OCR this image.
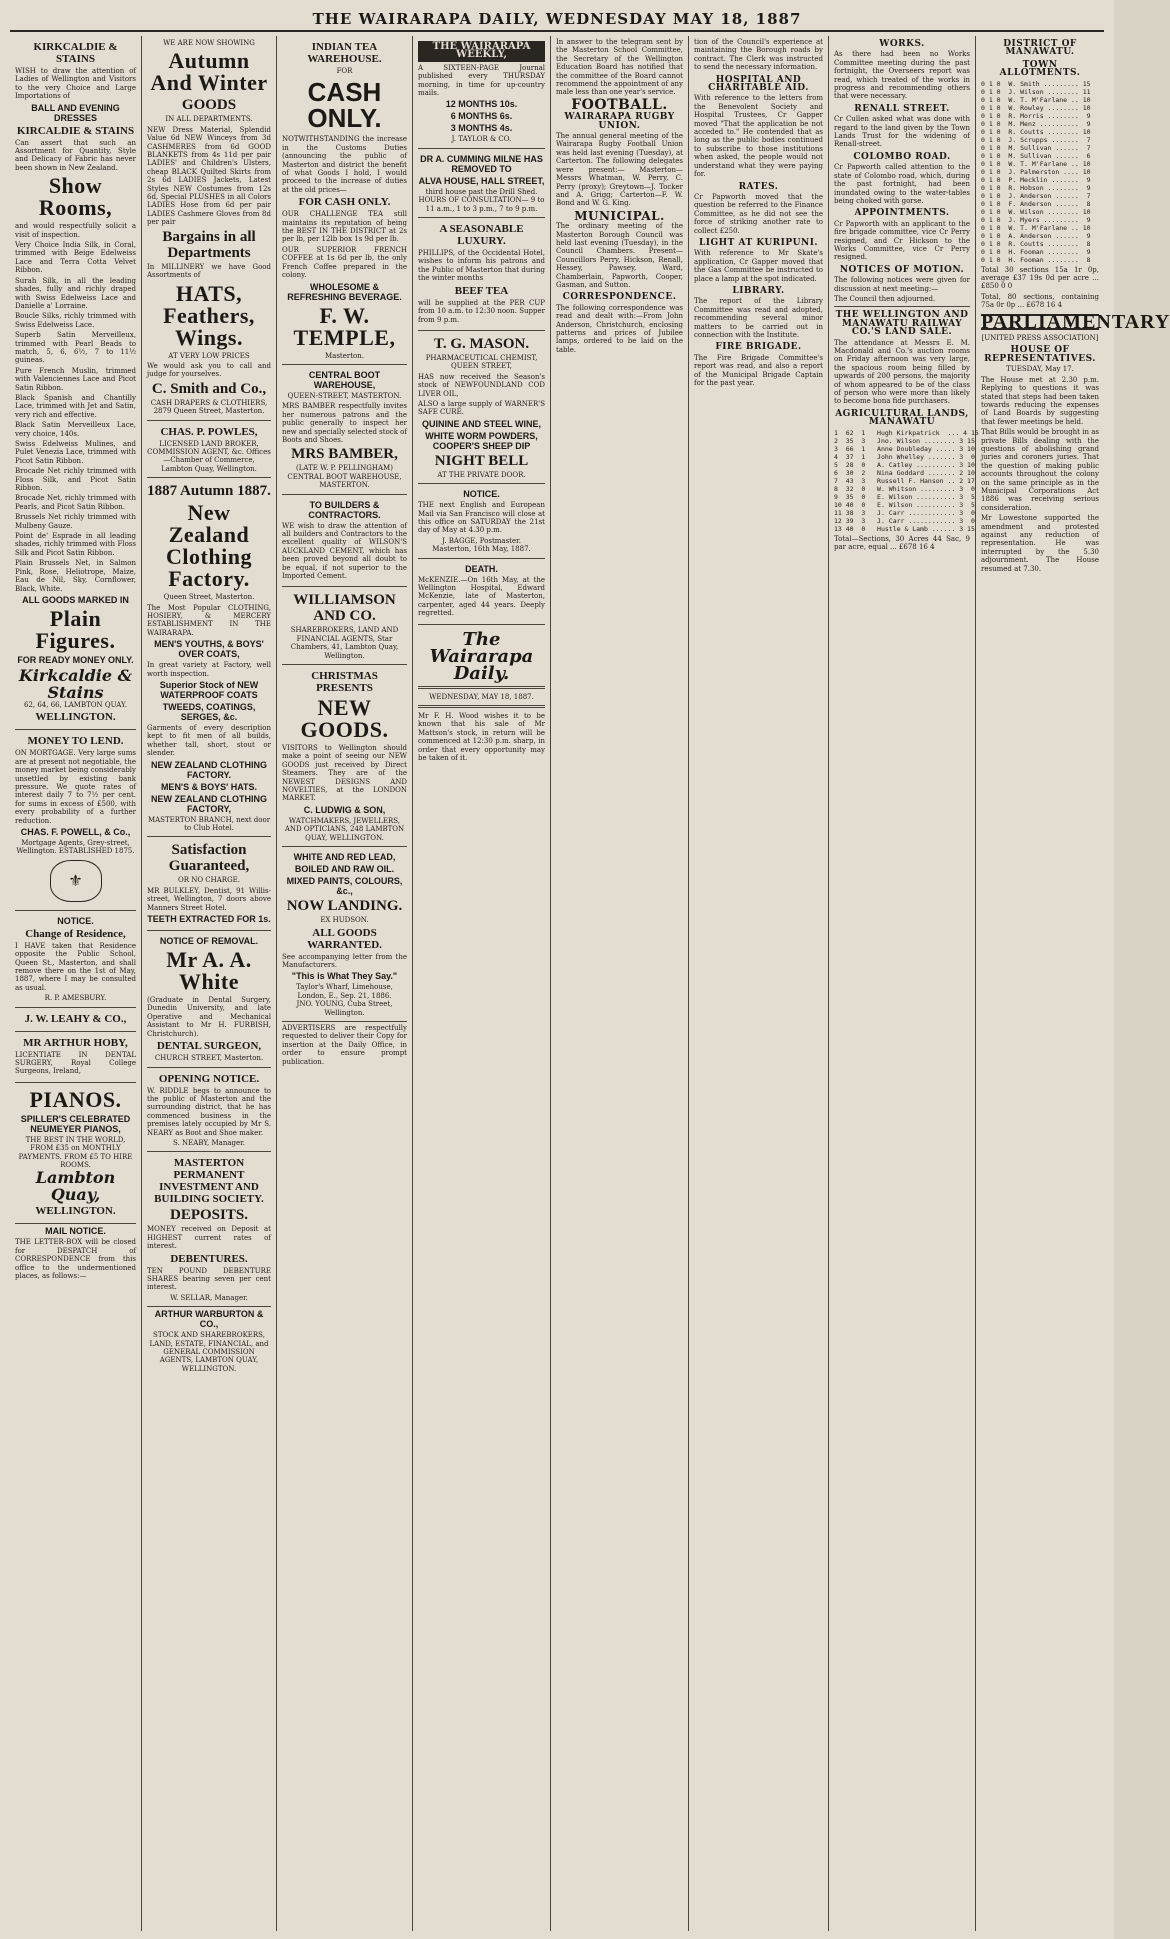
THE WAIRARAPA DAILY, WEDNESDAY MAY 18, 1887

KIRKCALDIE & STAINS
WISH to draw the attention of Ladies of Wellington and Visitors to the very Choice and Large Importations of
BALL AND EVENING DRESSES
KIRCALDIE & STAINS
Can assert that such an Assortment for Quantity, Style and Delicacy of Fabric has never been shown in New Zealand.
Show Rooms,
and would respectfully solicit a visit of inspection.
Very Choice India Silk, in Coral, trimmed with Beige Edelweiss Lace and Terra Cotta Velvet Ribbon.
Surah Silk, in all the leading shades, fully and richly draped with Swiss Edelweiss Lace and Danielle a' Lorraine.
Boucle Silks, richly trimmed with Swiss Edelweiss Lace.
Superb Satin Merveilleux, trimmed with Pearl Beads to match, 5, 6, 6½, 7 to 11½ guineas.
Pure French Muslin, trimmed with Valenciennes Lace and Picot Satin Ribbon.
Black Spanish and Chantilly Lace, trimmed with Jet and Satin, very rich and effective.
Black Satin Merveilleux Lace, very choice, 140s.
Swiss Edelweiss Mulines, and Pulet Venezia Lace, trimmed with Picot Satin Ribbon.
Brocade Net richly trimmed with Floss Silk, and Picot Satin Ribbon.
Brocade Net, richly trimmed with Pearls, and Picot Satin Ribbon.
Brussels Net richly trimmed with Mulbeny Gauze.
Point de' Esprade in all leading shades, richly trimmed with Floss Silk and Picot Satin Ribbon.
Plain Brussels Net, in Salmon Pink, Rose, Heliotrope, Maize, Eau de Nil, Sky, Cornflower, Black, White.
ALL GOODS MARKED IN
Plain Figures.
FOR READY MONEY ONLY.
Kirkcaldie & Stains
62, 64, 66, LAMBTON QUAY.
WELLINGTON.
MONEY TO LEND.
ON MORTGAGE. Very large sums are at present not negotiable, the money market being considerably unsettled by existing bank pressure. We quote rates of interest daily 7 to 7½ per cent. for sums in excess of £500, with every probability of a further reduction.
CHAS. F. POWELL, & Co.,
Mortgage Agents, Grey-street, Wellington. ESTABLISHED 1875.
⚜
NOTICE.
Change of Residence,
I HAVE taken that Residence opposite the Public School, Queen St., Masterton, and shall remove there on the 1st of May, 1887, where I may be consulted as usual.
R. P. AMESBURY.
J. W. LEAHY & CO.,
MR ARTHUR HOBY,
LICENTIATE IN DENTAL SURGERY, Royal College Surgeons, Ireland,
PIANOS.
SPILLER'S CELEBRATED NEUMEYER PIANOS,
THE BEST IN THE WORLD,
FROM £35 on MONTHLY PAYMENTS. FROM £5 TO HIRE ROOMS.
Lambton Quay,
WELLINGTON.
MAIL NOTICE.
THE LETTER-BOX will be closed for DESPATCH of CORRESPONDENCE from this office to the undermentioned places, as follows:—
WE ARE NOW SHOWING
Autumn And Winter
GOODS
IN ALL DEPARTMENTS.
NEW Dress Material, Splendid Value 6d NEW Winceys from 3d CASHMERES from 6d GOOD BLANKETS from 4s 11d per pair LADIES' and Children's Ulsters, cheap BLACK Quilted Skirts from 2s 6d LADIES Jackets, Latest Styles NEW Costumes from 12s 6d, Special PLUSHES in all Colors LADIES Hose from 6d per pair LADIES Cashmere Gloves from 8d per pair
Bargains in all Departments
In MILLINERY we have Good Assortments of
HATS, Feathers, Wings.
AT VERY LOW PRICES
We would ask you to call and judge for yourselves.
C. Smith and Co.,
CASH DRAPERS & CLOTHIERS, 2879 Queen Street, Masterton.
CHAS. P. POWLES,
LICENSED LAND BROKER, COMMISSION AGENT, &c. Offices—Chamber of Commerce, Lambton Quay, Wellington.
1887 Autumn 1887.
New Zealand Clothing Factory.
Queen Street, Masterton.
The Most Popular CLOTHING, HOSIERY, & MERCERY ESTABLISHMENT IN THE WAIRARAPA.
MEN'S YOUTHS, & BOYS' OVER COATS,
In great variety at Factory, well worth inspection.
Superior Stock of NEW WATERPROOF COATS
TWEEDS, COATINGS, SERGES, &c.
Garments of every description kept to fit men of all builds, whether tall, short, stout or slender.
NEW ZEALAND CLOTHING FACTORY.
MEN'S & BOYS' HATS.
NEW ZEALAND CLOTHING FACTORY,
MASTERTON BRANCH, next door to Club Hotel.
Satisfaction Guaranteed,
OR NO CHARGE.
MR BULKLEY, Dentist, 91 Willis-street, Wellington, 7 doors above Manners Street Hotel.
TEETH EXTRACTED FOR 1s.
NOTICE OF REMOVAL.
Mr A. A. White
(Graduate in Dental Surgery, Dunedin University, and late Operative and Mechanical Assistant to Mr H. FURBISH, Christchurch).
DENTAL SURGEON,
CHURCH STREET, Masterton.
OPENING NOTICE.
W. RIDDLE begs to announce to the public of Masterton and the surrounding district, that he has commenced business in the premises lately occupied by Mr S. NEARY as Boot and Shoe maker.
S. NEABY, Manager.
MASTERTON PERMANENT INVESTMENT AND BUILDING SOCIETY.
DEPOSITS.
MONEY received on Deposit at HIGHEST current rates of interest.
DEBENTURES.
TEN POUND DEBENTURE SHARES bearing seven per cent interest.
W. SELLAR, Manager.
ARTHUR WARBURTON & CO.,
STOCK AND SHAREBROKERS, LAND, ESTATE, FINANCIAL, and GENERAL COMMISSION AGENTS, LAMBTON QUAY, WELLINGTON.
INDIAN TEA WAREHOUSE.
FOR
CASH ONLY.
NOTWITHSTANDING the increase in the Customs Duties (announcing the public of Masterton and district the benefit of what Goods I hold, I would proceed to the increase of duties at the old prices—
FOR CASH ONLY.
OUR CHALLENGE TEA still maintains its reputation of being the BEST IN THE DISTRICT at 2s per lb, per 12lb box 1s 9d per lb.
OUR SUPERIOR FRENCH COFFEE at 1s 6d per lb, the only French Coffee prepared in the colony.
WHOLESOME & REFRESHING BEVERAGE.
F. W. TEMPLE,
Masterton.
CENTRAL BOOT WAREHOUSE,
QUEEN-STREET, MASTERTON.
MRS BAMBER respectfully invites her numerous patrons and the public generally to inspect her new and specially selected stock of Boots and Shoes.
MRS BAMBER,
(LATE W. P. PELLINGHAM) CENTRAL BOOT WAREHOUSE, MASTERTON.
TO BUILDERS & CONTRACTORS.
WE wish to draw the attention of all builders and Contractors to the excellent quality of WILSON'S AUCKLAND CEMENT, which has been proved beyond all doubt to be equal, if not superior to the Imported Cement.
WILLIAMSON AND CO.
SHAREBROKERS, LAND AND FINANCIAL AGENTS, Star Chambers, 41, Lambton Quay, Wellington.
CHRISTMAS PRESENTS
NEW GOODS.
VISITORS to Wellington should make a point of seeing our NEW GOODS just received by Direct Steamers. They are of the NEWEST DESIGNS AND NOVELTIES, at the LONDON MARKET.
C. LUDWIG & SON,
WATCHMAKERS, JEWELLERS, AND OPTICIANS, 248 LAMBTON QUAY, WELLINGTON.
WHITE AND RED LEAD,
BOILED AND RAW OIL.
MIXED PAINTS, COLOURS, &c.,
NOW LANDING.
EX HUDSON.
ALL GOODS WARRANTED.
See accompanying letter from the Manufacturers.
"This is What They Say."
Taylor's Wharf, Limehouse, London, E., Sep. 21, 1886.
JNO. YOUNG, Cuba Street, Wellington.
ADVERTISERS are respectfully requested to deliver their Copy for insertion at the Daily Office, in order to ensure prompt publication.
THE WAIRARAPA WEEKLY,
A SIXTEEN-PAGE Journal published every THURSDAY morning, in time for up-country mails.
12 MONTHS 10s.
6 MONTHS 6s.
3 MONTHS 4s.
J. TAYLOR & CO.
DR A. CUMMING MILNE HAS REMOVED TO
ALVA HOUSE, HALL STREET,
third house past the Drill Shed.
HOURS OF CONSULTATION— 9 to 11 a.m., 1 to 3 p.m., 7 to 9 p.m.
A SEASONABLE LUXURY.
PHILLIPS, of the Occidental Hotel, wishes to inform his patrons and the Public of Masterton that during the winter months
BEEF TEA
will be supplied at the PER CUP from 10 a.m. to 12:30 noon. Supper from 9 p.m.
T. G. MASON.
PHARMACEUTICAL CHEMIST, QUEEN STREET,
HAS now received the Season's stock of NEWFOUNDLAND COD LIVER OIL,
ALSO a large supply of WARNER'S SAFE CURE.
QUININE AND STEEL WINE,
WHITE WORM POWDERS, COOPER'S SHEEP DIP
NIGHT BELL
AT THE PRIVATE DOOR.
NOTICE.
THE next English and European Mail via San Francisco will close at this office on SATURDAY the 21st day of May at 4.30 p.m.
J. BAGGE, Postmaster.
Masterton, 16th May, 1887.
DEATH.
McKENZIE.—On 16th May, at the Wellington Hospital, Edward McKenzie, late of Masterton, carpenter, aged 44 years. Deeply regretted.
The Wairarapa Daily.
WEDNESDAY, MAY 18, 1887.
Mr F. H. Wood wishes it to be known that his sale of Mr Mattson's stock, in return will be commenced at 12:30 p.m. sharp, in order that every opportunity may be taken of it.
In answer to the telegram sent by the Masterton School Committee, the Secretary of the Wellington Education Board has notified that the committee of the Board cannot recommend the appointment of any male less than one year's service.
FOOTBALL.
WAIRARAPA RUGBY UNION.
The annual general meeting of the Wairarapa Rugby Football Union was held last evening (Tuesday), at Carterton. The following delegates were present:— Masterton—Messrs Whatman, W. Perry, C. Perry (proxy); Greytown—J. Tocker and A. Grigg; Carterton—F. W. Bond and W. G. King.
MUNICIPAL.
The ordinary meeting of the Masterton Borough Council was held last evening (Tuesday), in the Council Chambers. Present—Councillors Perry, Hickson, Renall, Hessey, Pawsey, Ward, Chamberlain, Papworth, Cooper, Gasman, and Sutton.
CORRESPONDENCE.
The following correspondence was read and dealt with:—From John Anderson, Christchurch, enclosing patterns and prices of Jubilee lamps, ordered to be laid on the table.
tion of the Council's experience at maintaining the Borough roads by contract. The Clerk was instructed to send the necessary information.
HOSPITAL AND CHARITABLE AID.
With reference to the letters from the Benevolent Society and Hospital Trustees, Cr Gapper moved "That the application be not acceded to." He contended that as long as the public bodies continued to subscribe to those institutions when asked, the people would not understand what they were paying for.
RATES.
Cr Papworth moved that the question be referred to the Finance Committee, as he did not see the force of striking another rate to collect £250.
LIGHT AT KURIPUNI.
With reference to Mr Skate's application, Cr Gapper moved that the Gas Committee be instructed to place a lamp at the spot indicated.
LIBRARY.
The report of the Library Committee was read and adopted, recommending several minor matters to be carried out in connection with the Institute.
FIRE BRIGADE.
The Fire Brigade Committee's report was read, and also a report of the Municipal Brigade Captain for the past year.
WORKS.
As there had been no Works Committee meeting during the past fortnight, the Overseers report was read, which treated of the works in progress and recommending others that were necessary.
RENALL STREET.
Cr Cullen asked what was done with regard to the land given by the Town Lands Trust for the widening of Renall-street.
COLOMBO ROAD.
Cr Papworth called attention to the state of Colombo road, which, during the past fortnight, had been inundated owing to the water-tables being choked with gorse.
APPOINTMENTS.
Cr Papworth with an applicant to the fire brigade committee, vice Cr Perry resigned, and Cr Hickson to the Works Committee, vice Cr Perry resigned.
NOTICES OF MOTION.
The following notices were given for discussion at next meeting:—
The Council then adjourned.
THE WELLINGTON AND MANAWATU RAILWAY CO.'S LAND SALE.
The attendance at Messrs E. M. Macdonald and Co.'s auction rooms on Friday afternoon was very large, the spacious room being filled by upwards of 200 persons, the majority of whom appeared to be of the class of person who were more than likely to become bona fide purchasers.
AGRICULTURAL LANDS, MANAWATU
1  62  1   Hugh Kirkpatrick  ... 4 15
2  35  3   Jno. Wilson ........ 3 15
3  66  1   Anne Doubleday ..... 3 10
4  37  1   John Whelley ....... 3  0
5  28  0   A. Catley .......... 3 10
6  30  2   Nina Goddard ....... 2 10
7  43  3   Russell F. Hanson .. 2 17
8  32  0   W. Whitson ......... 3  0
9  35  0   E. Wilson .......... 3  5
10 40  0   E. Wilson .......... 3  5
11 38  3   J. Carr ............ 3  0
12 39  3   J. Carr ............ 3  0
13 40  0   Hustle & Lamb ...... 3 15
Total—Sections, 30 Acres 44 Sac, 9 par acre, equal ... £678 16 4
DISTRICT OF MANAWATU.
TOWN ALLOTMENTS.
0 1 0  W. Smith ......... 15
0 1 0  J. Wilson ........ 11
0 1 0  W. T. M'Farlane .. 10
0 1 0  W. Rowley ........ 10
0 1 0  R. Morris ........  9
0 1 0  M. Menz ..........  9
0 1 0  R. Coutts ........ 10
0 1 0  J. Scrupps .......  7
0 1 0  M. Sullivan ......  7
0 1 0  M. Sullivan ......  6
0 1 0  W. T. M'Farlane .. 10
0 1 0  J. Palmerston .... 10
0 1 0  P. Mecklin .......  9
0 1 0  R. Hobson ........  9
0 1 0  J. Anderson ......  7
0 1 0  F. Anderson ......  8
0 1 0  W. Wilson ........ 10
0 1 0  J. Myers .........  9
0 1 0  W. T. M'Farlane .. 10
0 1 0  A. Anderson ......  9
0 1 0  R. Coutts ........  8
0 1 0  H. Fooman ........  9
0 1 0  H. Fooman ........  8
Total 30 sections 15a 1r 0p, average £37 19s 0d per acre ... £850 0 0
Total, 80 sections, containing 75a 0r 0p ... £678 16 4
PARLIAMENTARY
[UNITED PRESS ASSOCIATION]
HOUSE OF REPRESENTATIVES.
TUESDAY, May 17.
The House met at 2.30 p.m. Replying to questions it was stated that steps had been taken towards reducing the expenses of Land Boards by suggesting that fewer meetings be held.
That Bills would be brought in as private Bills dealing with the questions of abolishing grand juries and coroners juries. That the question of making public accounts throughout the colony on the same principle as in the Municipal Corporations Act 1886 was receiving serious consideration.
Mr Lowestone supported the amendment and protested against any reduction of representation. He was interrupted by the 5.30 adjournment. The House resumed at 7.30.
